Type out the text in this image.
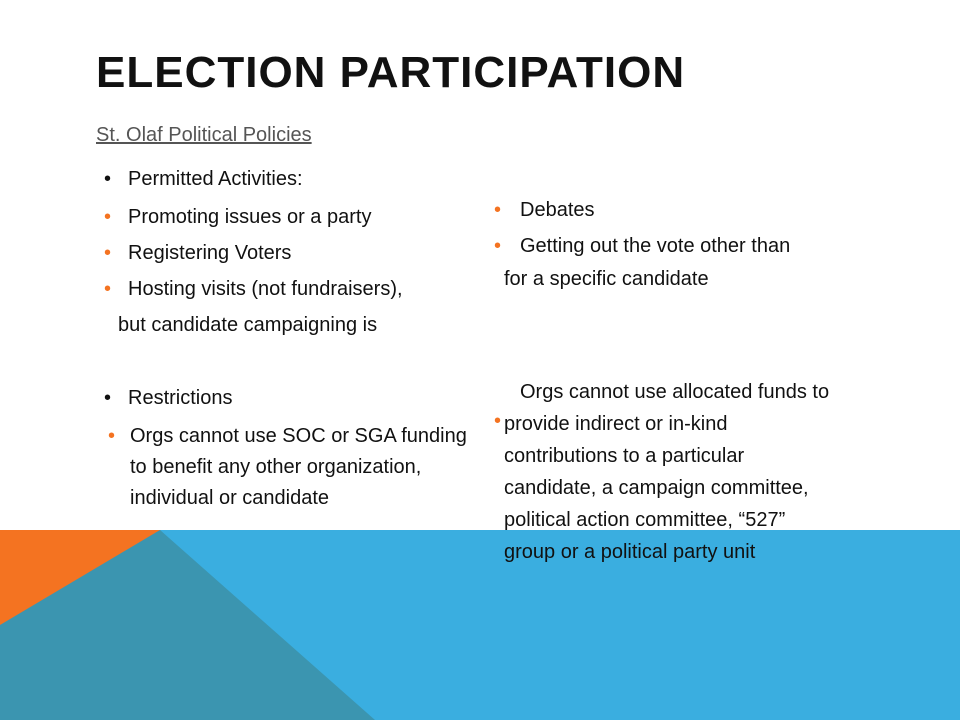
ELECTION PARTICIPATION
St. Olaf Political Policies
• Permitted Activities:
• Promoting issues or a party
• Registering Voters
• Hosting visits (not fundraisers),
but candidate campaigning is
• Restrictions
• Orgs cannot use SOC or SGA funding to benefit any other organization, individual or candidate
• Debates
• Getting out the vote other than
for a specific candidate
•
Orgs cannot use allocated funds to provide indirect or in-kind contributions to a particular candidate, a campaign committee, political action committee, “527” group or a political party unit
